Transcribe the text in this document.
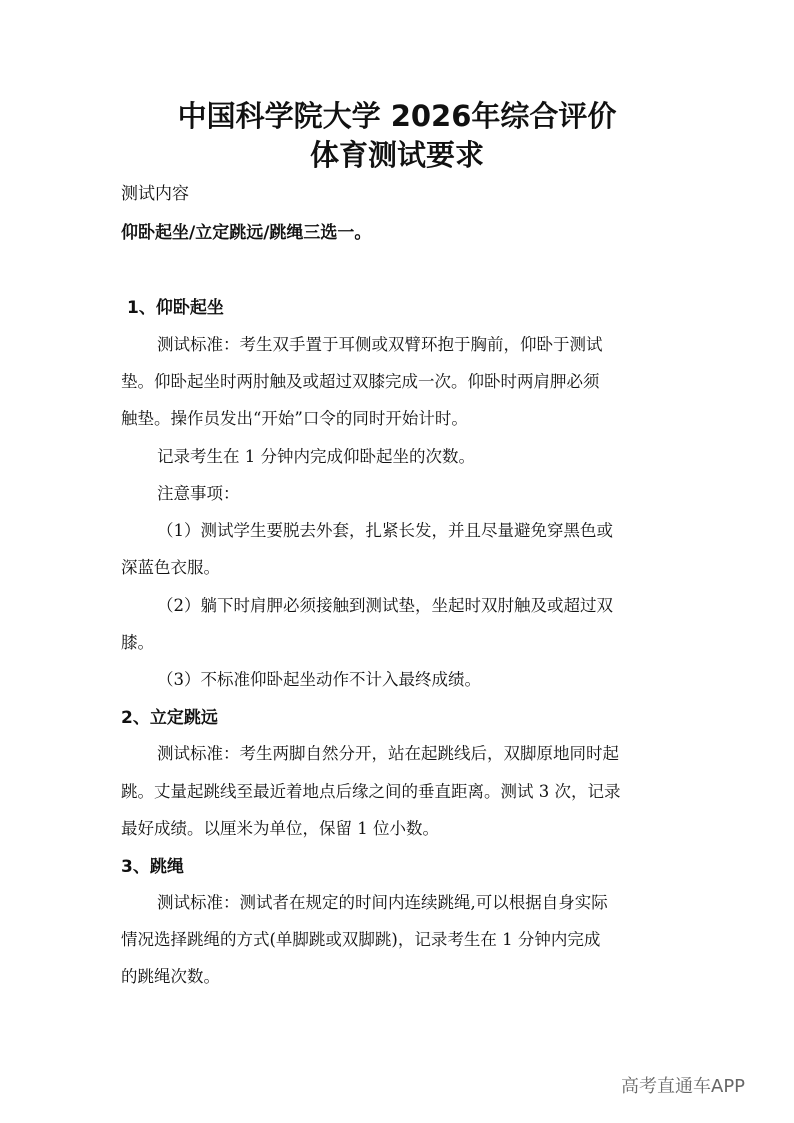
中国科学院大学 2026年综合评价
体育测试要求
测试内容
仰卧起坐/立定跳远/跳绳三选一。
1、仰卧起坐
测试标准：考生双手置于耳侧或双臂环抱于胸前，仰卧于测试
垫。仰卧起坐时两肘触及或超过双膝完成一次。仰卧时两肩胛必须
触垫。操作员发出“开始”口令的同时开始计时。
记录考生在 1 分钟内完成仰卧起坐的次数。
注意事项：
（1）测试学生要脱去外套，扎紧长发，并且尽量避免穿黑色或
深蓝色衣服。
（2）躺下时肩胛必须接触到测试垫，坐起时双肘触及或超过双
膝。
（3）不标准仰卧起坐动作不计入最终成绩。
2、立定跳远
测试标准：考生两脚自然分开，站在起跳线后，双脚原地同时起
跳。丈量起跳线至最近着地点后缘之间的垂直距离。测试 3 次，记录
最好成绩。以厘米为单位，保留 1 位小数。
3、跳绳
测试标准：测试者在规定的时间内连续跳绳,可以根据自身实际
情况选择跳绳的方式(单脚跳或双脚跳)，记录考生在 1 分钟内完成
的跳绳次数。
高考直通车APP
